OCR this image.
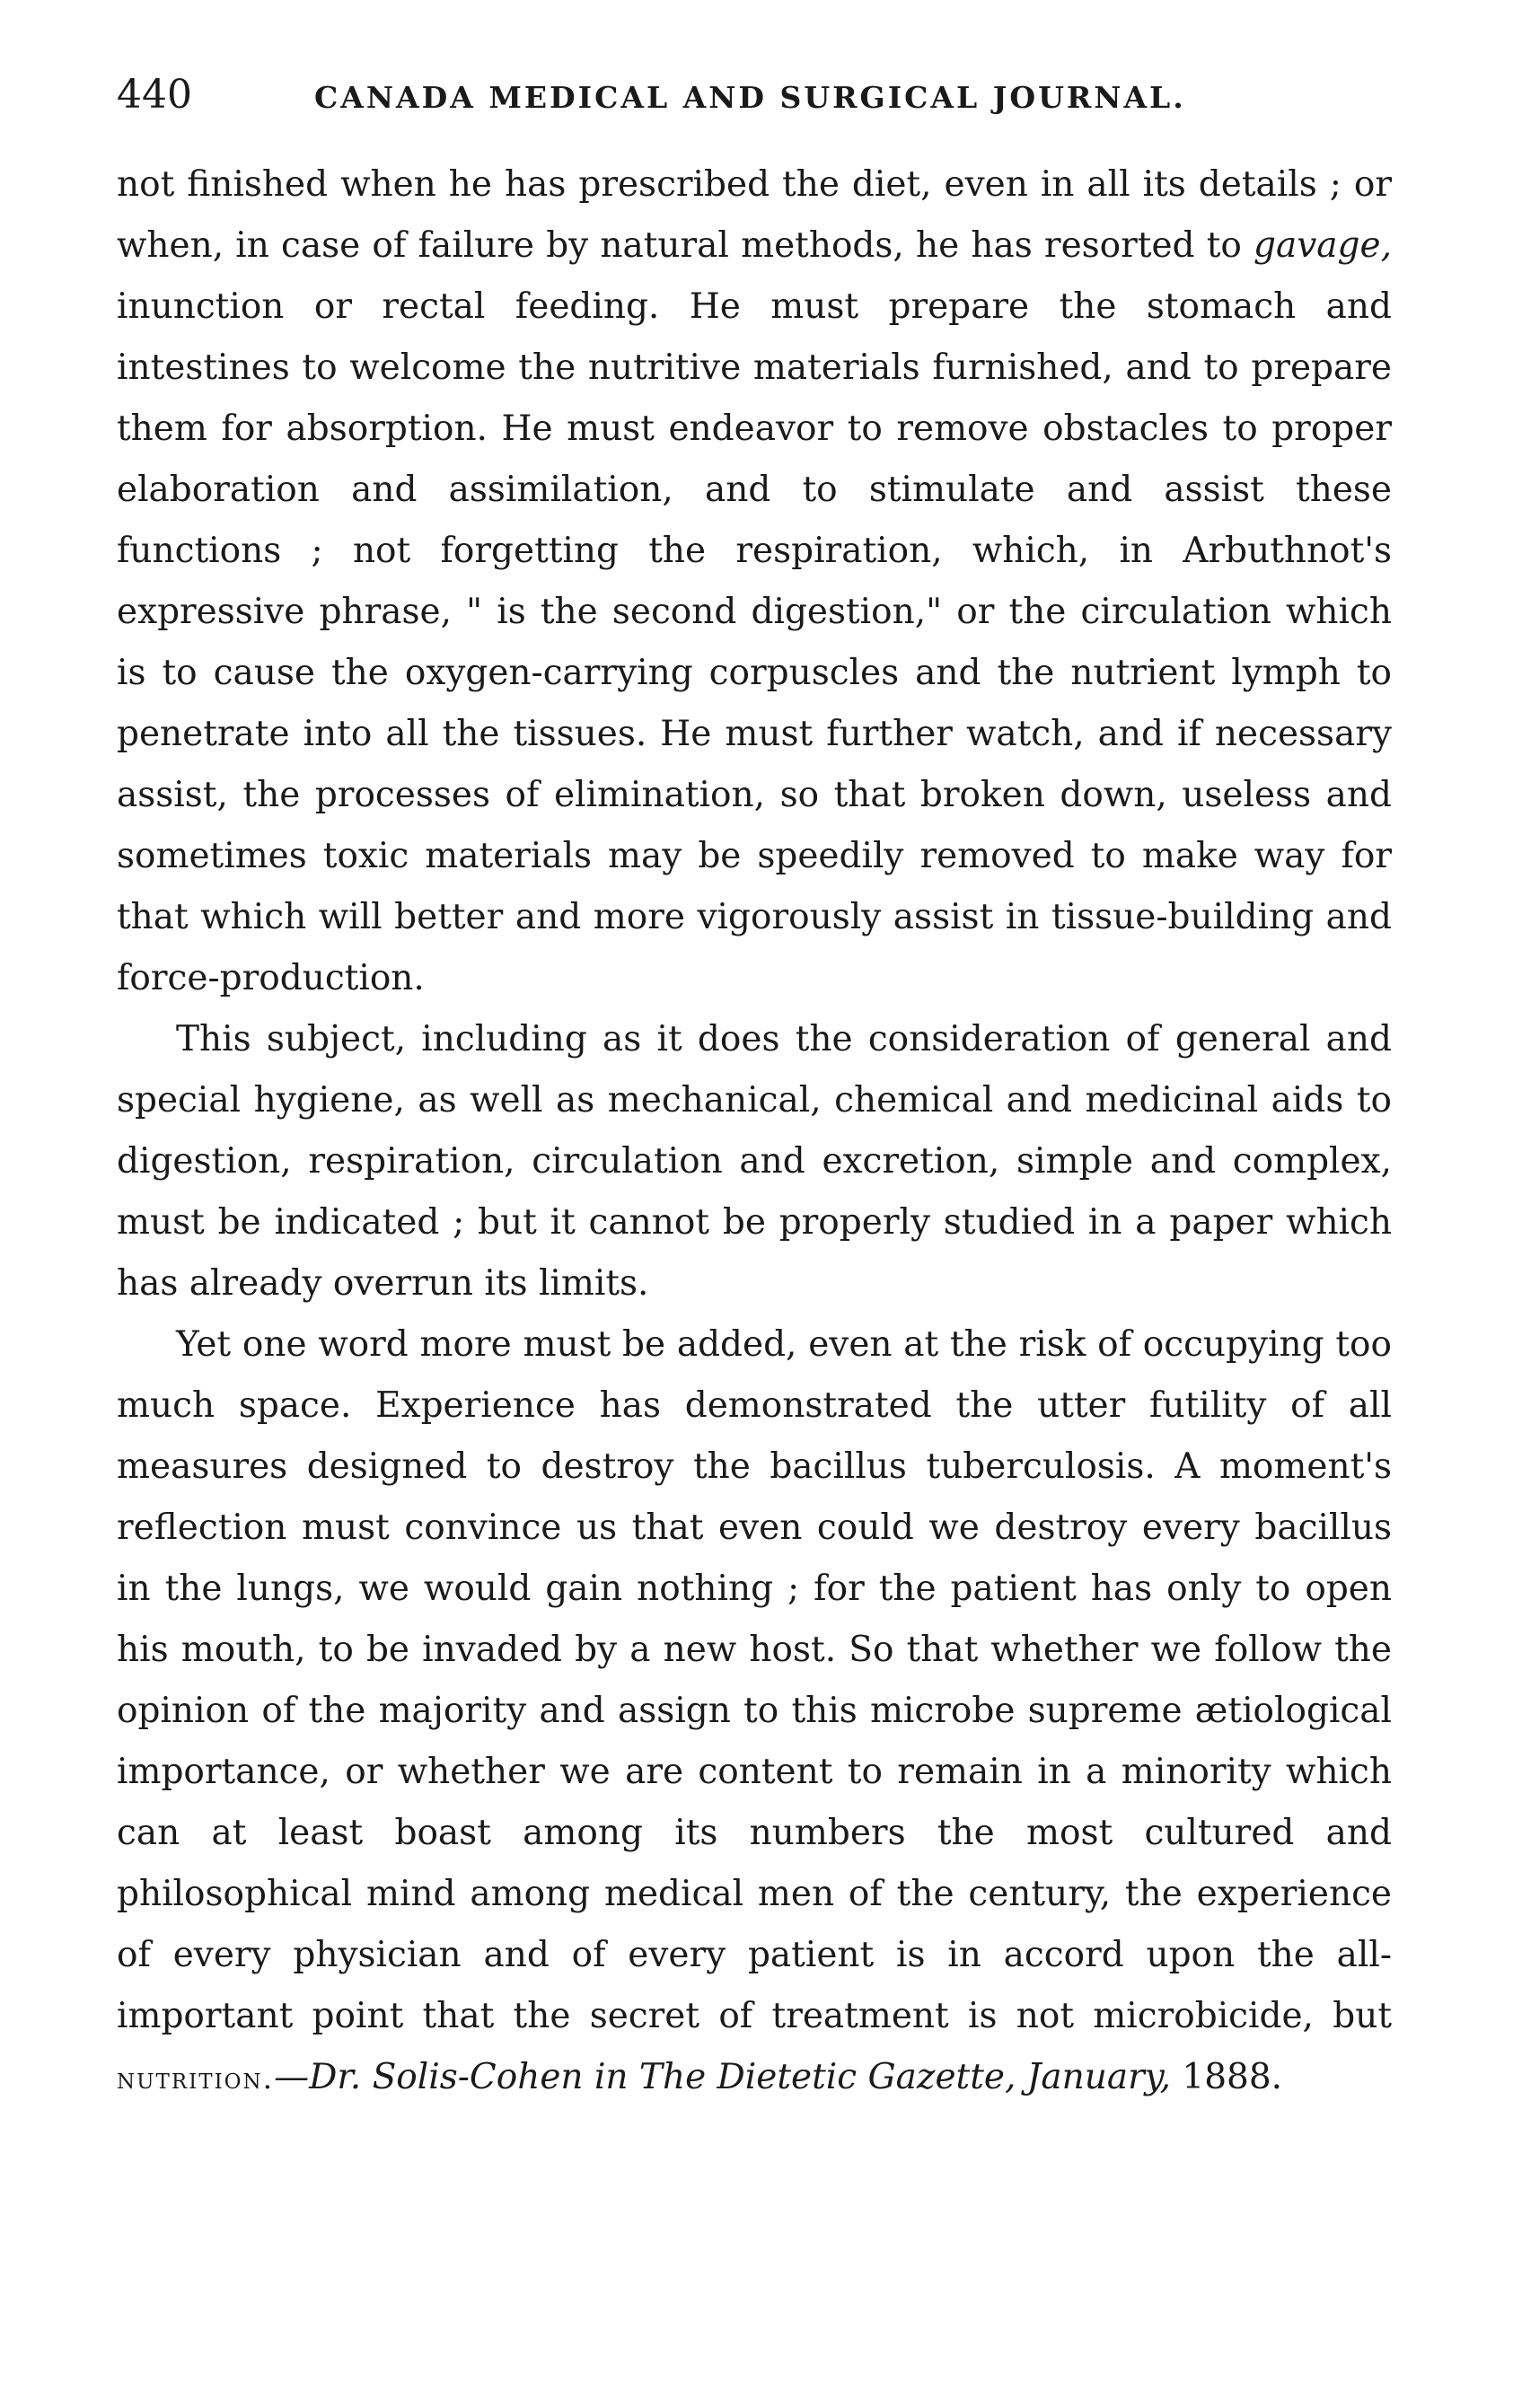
440	CANADA MEDICAL AND SURGICAL JOURNAL.

not finished when he has prescribed the diet, even in all its details ; or when, in case of failure by natural methods, he has resorted to gavage, inunction or rectal feeding. He must prepare the stomach and intestines to welcome the nutritive materials furnished, and to prepare them for absorption. He must endeavor to remove obstacles to proper elaboration and assimilation, and to stimulate and assist these functions ; not forgetting the respiration, which, in Arbuthnot's expressive phrase, " is the second digestion," or the circulation which is to cause the oxygen-carrying corpuscles and the nutrient lymph to penetrate into all the tissues. He must further watch, and if necessary assist, the processes of elimination, so that broken down, useless and sometimes toxic materials may be speedily removed to make way for that which will better and more vigorously assist in tissue-building and force-production.

This subject, including as it does the consideration of general and special hygiene, as well as mechanical, chemical and medicinal aids to digestion, respiration, circulation and excretion, simple and complex, must be indicated ; but it cannot be properly studied in a paper which has already overrun its limits.

Yet one word more must be added, even at the risk of occupying too much space. Experience has demonstrated the utter futility of all measures designed to destroy the bacillus tuberculosis. A moment's reflection must convince us that even could we destroy every bacillus in the lungs, we would gain nothing ; for the patient has only to open his mouth, to be invaded by a new host. So that whether we follow the opinion of the majority and assign to this microbe supreme ætiological importance, or whether we are content to remain in a minority which can at least boast among its numbers the most cultured and philosophical mind among medical men of the century, the experience of every physician and of every patient is in accord upon the all-important point that the secret of treatment is not microbicide, but nutrition.—Dr. Solis-Cohen in The Dietetic Gazette, January, 1888.
